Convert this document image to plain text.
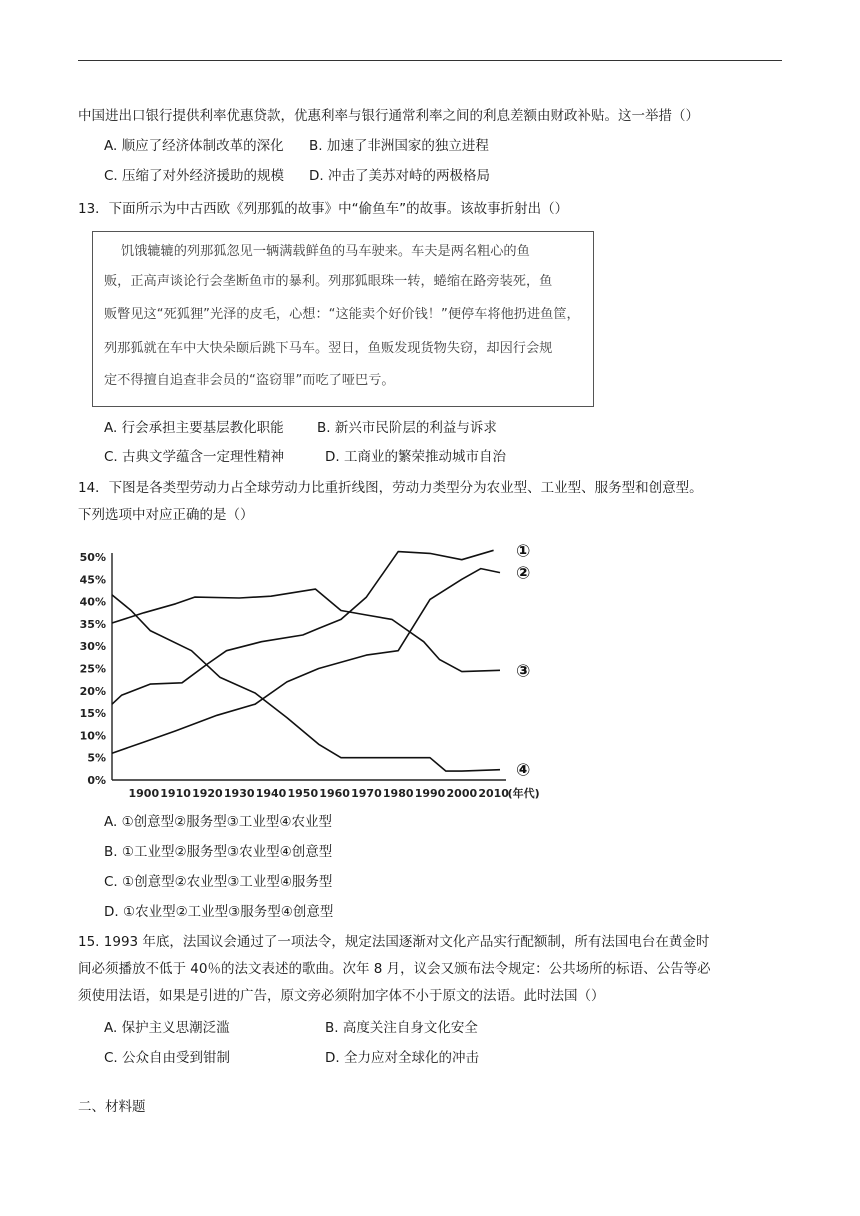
中国进出口银行提供利率优惠贷款，优惠利率与银行通常利率之间的利息差额由财政补贴。这一举措（）
A. 顺应了经济体制改革的深化 B. 加速了非洲国家的独立进程
C. 压缩了对外经济援助的规模 D. 冲击了美苏对峙的两极格局
13．下面所示为中古西欧《列那狐的故事》中“偷鱼车”的故事。该故事折射出（）
饥饿辘辘的列那狐忽见一辆满载鲜鱼的马车驶来。车夫是两名粗心的鱼
贩，正高声谈论行会垄断鱼市的暴利。列那狐眼珠一转，蜷缩在路旁装死，鱼
贩瞥见这“死狐狸”光泽的皮毛，心想：“这能卖个好价钱！”便停车将他扔进鱼筐，
列那狐就在车中大快朵颐后跳下马车。翌日，鱼贩发现货物失窃，却因行会规
定不得擅自追查非会员的“盗窃罪”而吃了哑巴亏。
A. 行会承担主要基层教化职能 B. 新兴市民阶层的利益与诉求
C. 古典文学蕴含一定理性精神	D. 工商业的繁荣推动城市自治
14．下图是各类型劳动力占全球劳动力比重折线图，劳动力类型分为农业型、工业型、服务型和创意型。
下列选项中对应正确的是（）
0%
5%
10%
15%
20%
25%
30%
35%
40%
45%
50%
1900 1910 1920 1930 1940 1950 1960 1970 1980 1990 2000 2010
(年代)
①
②
③
④
A. ①创意型②服务型③工业型④农业型
B. ①工业型②服务型③农业型④创意型
C. ①创意型②农业型③工业型④服务型
D. ①农业型②工业型③服务型④创意型
15. 1993 年底，法国议会通过了一项法令，规定法国逐渐对文化产品实行配额制，所有法国电台在黄金时
间必须播放不低于 40％的法文表述的歌曲。次年 8 月，议会又颁布法令规定：公共场所的标语、公告等必
须使用法语，如果是引进的广告，原文旁必须附加字体不小于原文的法语。此时法国（）
A. 保护主义思潮泛滥	B. 高度关注自身文化安全
C. 公众自由受到钳制	D. 全力应对全球化的冲击
二、材料题
